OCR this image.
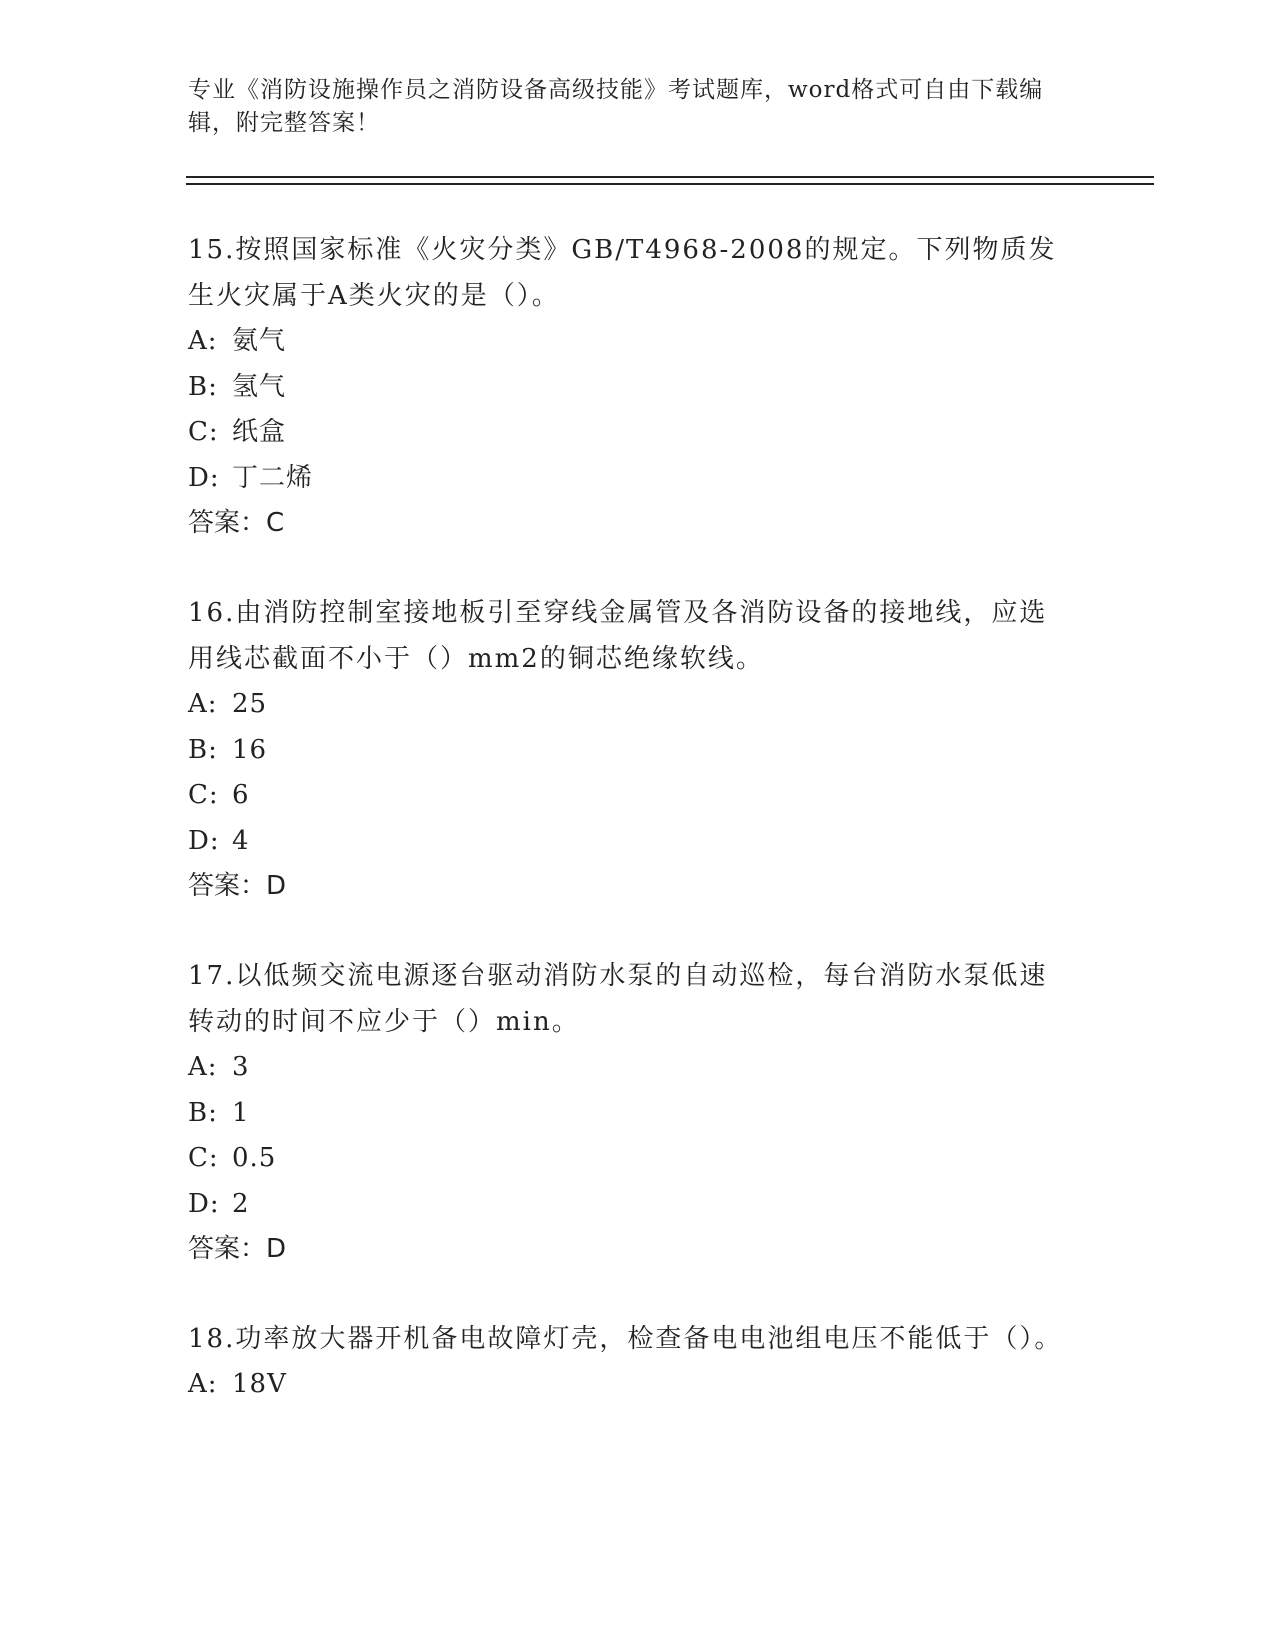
专业《消防设施操作员之消防设备高级技能》考试题库，word格式可自由下载编辑，附完整答案！

15.按照国家标准《火灾分类》GB/T4968-2008的规定。下列物质发生火灾属于A类火灾的是（）。

A: 氨气

B: 氢气

C: 纸盒

D: 丁二烯

答案：C

16.由消防控制室接地板引至穿线金属管及各消防设备的接地线，应选用线芯截面不小于（）mm2的铜芯绝缘软线。

A: 25

B: 16

C: 6

D: 4

答案：D

17.以低频交流电源逐台驱动消防水泵的自动巡检，每台消防水泵低速转动的时间不应少于（）min。

A: 3

B: 1

C: 0.5

D: 2

答案：D

18.功率放大器开机备电故障灯壳，检查备电电池组电压不能低于（）。

A: 18V
